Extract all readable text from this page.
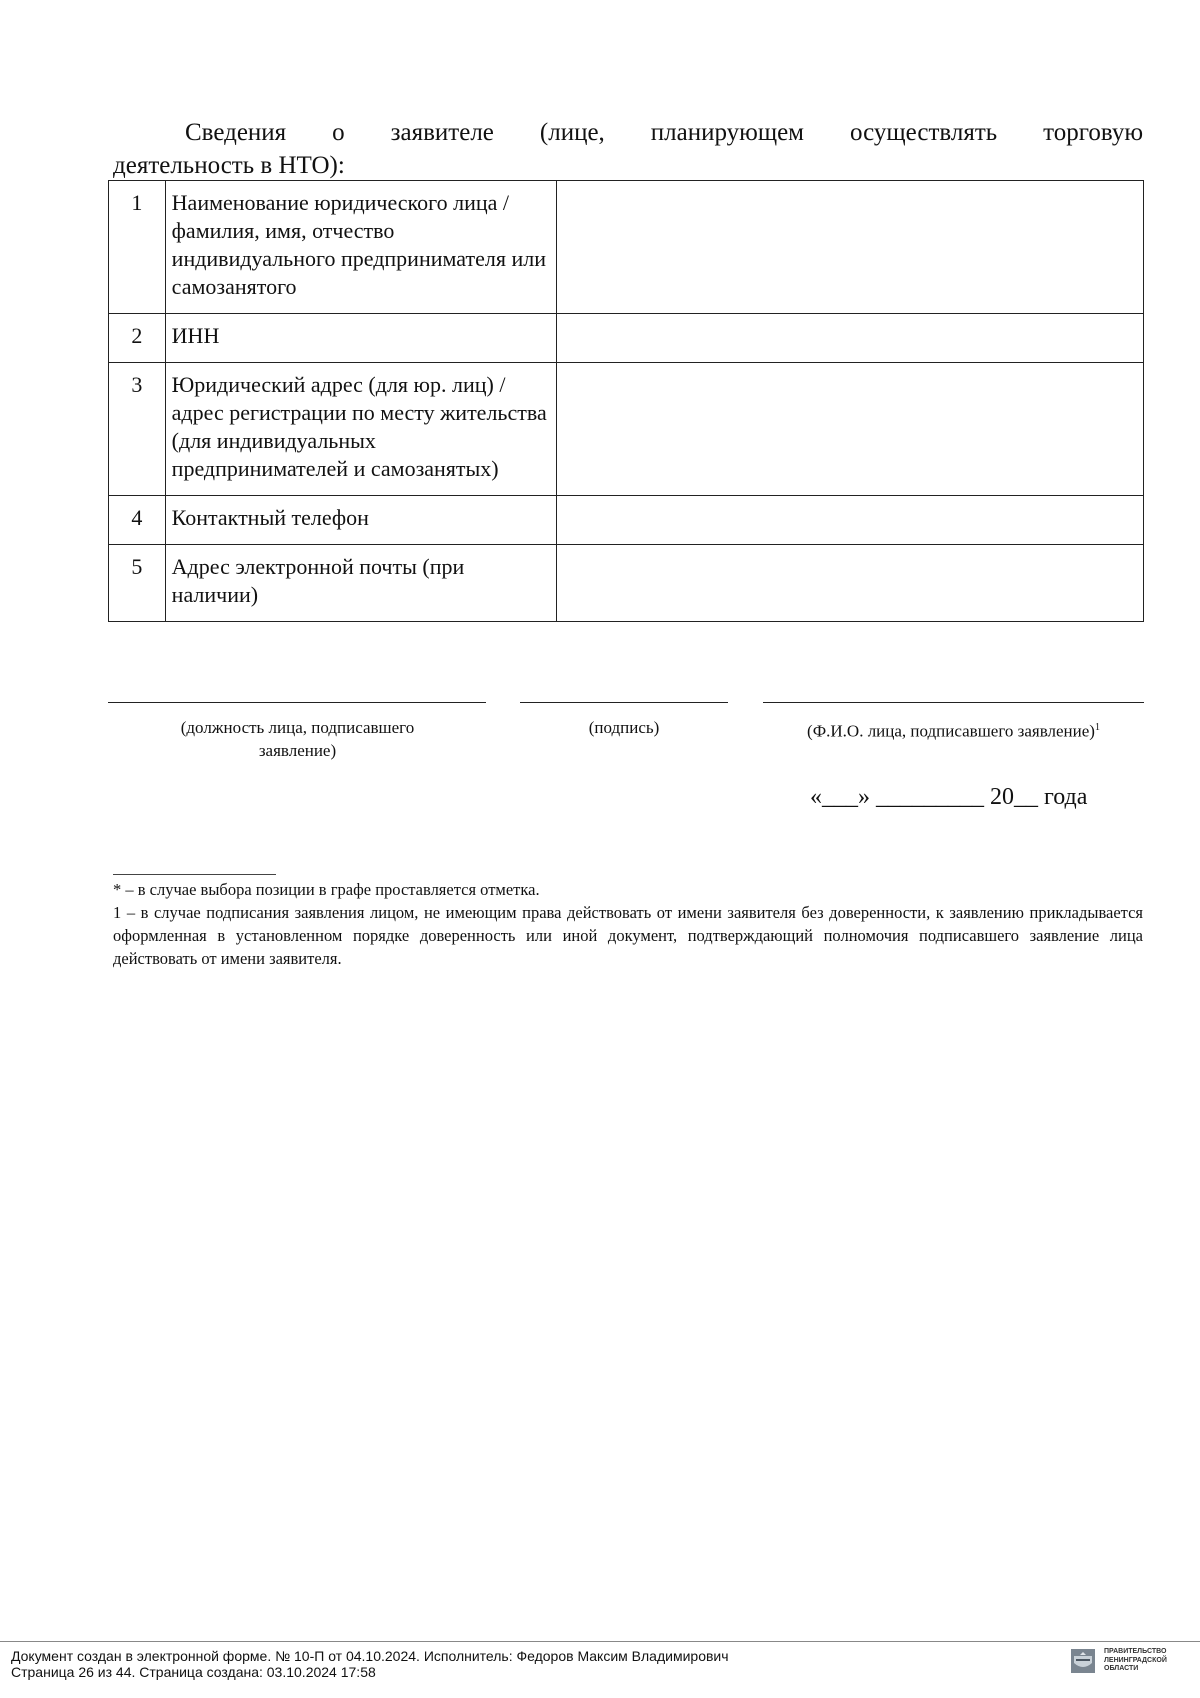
Сведения о заявителе (лице, планирующем осуществлять торговую
деятельность в НТО):
1	Наименование юридического лица / фамилия, имя, отчество индивидуального предпринимателя или самозанятого	
2	ИНН	
3	Юридический адрес (для юр. лиц) / адрес регистрации по месту жительства (для индивидуальных предпринимателей и самозанятых)	
4	Контактный телефон	
5	Адрес электронной почты (при наличии)	
(должность лица, подписавшего заявление)
(подпись)	(Ф.И.О. лица, подписавшего заявление)$^1$
«___» _________ 20__ года

* – в случае выбора позиции в графе проставляется отметка.

1 – в случае подписания заявления лицом, не имеющим права действовать от имени заявителя без доверенности, к заявлению прикладывается оформленная в установленном порядке доверенность или иной документ, подтверждающий полномочия подписавшего заявление лица действовать от имени заявителя.

Документ создан в электронной форме. № 10-П от 04.10.2024. Исполнитель: Федоров Максим Владимирович
Страница 26 из 44. Страница создана: 03.10.2024 17:58
ПРАВИТЕЛЬСТВО
ЛЕНИНГРАДСКОЙ
ОБЛАСТИ
